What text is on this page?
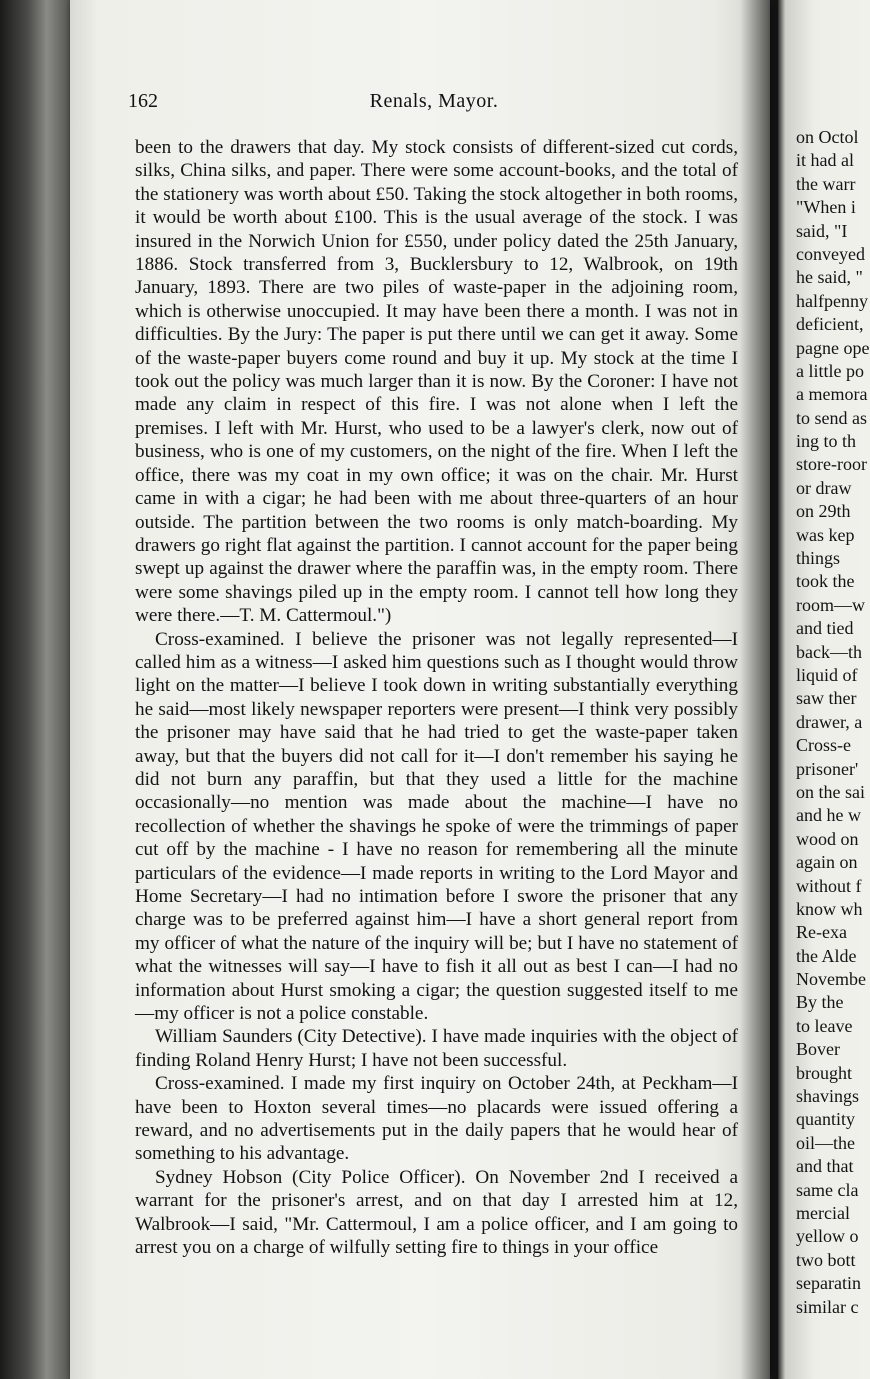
162	Renals, Mayor.

been to the drawers that day. My stock consists of different-sized cut cords, silks, China silks, and paper. There were some account-books, and the total of the stationery was worth about £50. Taking the stock altogether in both rooms, it would be worth about £100. This is the usual average of the stock. I was insured in the Norwich Union for £550, under policy dated the 25th January, 1886. Stock transferred from 3, Bucklersbury to 12, Walbrook, on 19th January, 1893. There are two piles of waste-paper in the adjoining room, which is otherwise unoccupied. It may have been there a month. I was not in difficulties. By the Jury: The paper is put there until we can get it away. Some of the waste-paper buyers come round and buy it up. My stock at the time I took out the policy was much larger than it is now. By the Coroner: I have not made any claim in respect of this fire. I was not alone when I left the premises. I left with Mr. Hurst, who used to be a lawyer's clerk, now out of business, who is one of my customers, on the night of the fire. When I left the office, there was my coat in my own office; it was on the chair. Mr. Hurst came in with a cigar; he had been with me about three-quarters of an hour outside. The partition between the two rooms is only match-boarding. My drawers go right flat against the partition. I cannot account for the paper being swept up against the drawer where the paraffin was, in the empty room. There were some shavings piled up in the empty room. I cannot tell how long they were there.—T. M. Cattermoul.")

Cross-examined. I believe the prisoner was not legally represented—I called him as a witness—I asked him questions such as I thought would throw light on the matter—I believe I took down in writing substantially everything he said—most likely newspaper reporters were present—I think very possibly the prisoner may have said that he had tried to get the waste-paper taken away, but that the buyers did not call for it—I don't remember his saying he did not burn any paraffin, but that they used a little for the machine occasionally—no mention was made about the machine—I have no recollection of whether the shavings he spoke of were the trimmings of paper cut off by the machine - I have no reason for remembering all the minute particulars of the evidence—I made reports in writing to the Lord Mayor and Home Secretary—I had no intimation before I swore the prisoner that any charge was to be preferred against him—I have a short general report from my officer of what the nature of the inquiry will be; but I have no statement of what the witnesses will say—I have to fish it all out as best I can—I had no information about Hurst smoking a cigar; the question suggested itself to me—my officer is not a police constable.

William Saunders (City Detective). I have made inquiries with the object of finding Roland Henry Hurst; I have not been successful.

Cross-examined. I made my first inquiry on October 24th, at Peckham—I have been to Hoxton several times—no placards were issued offering a reward, and no advertisements put in the daily papers that he would hear of something to his advantage.

Sydney Hobson (City Police Officer). On November 2nd I received a warrant for the prisoner's arrest, and on that day I arrested him at 12, Walbrook—I said, "Mr. Cattermoul, I am a police officer, and I am going to arrest you on a charge of wilfully setting fire to things in your office

on Octol
it had al
the warr
"When i
said, "I
conveyed
he said, "
halfpenny
deficient,
pagne ope
a little po
a memora
to send as
ing to th
store-roor
or draw
on 29th
was kep
things
took the
room—w
and tied
back—th
liquid of
saw ther
drawer, a
Cross-e
prisoner'
on the sai
and he w
wood on
again on
without f
know wh
Re-exa
the Alde
Novembe
By the
to leave
Bover
brought
shavings
quantity
oil—the
and that
same cla
mercial
yellow o
two bott
separatin
similar c
